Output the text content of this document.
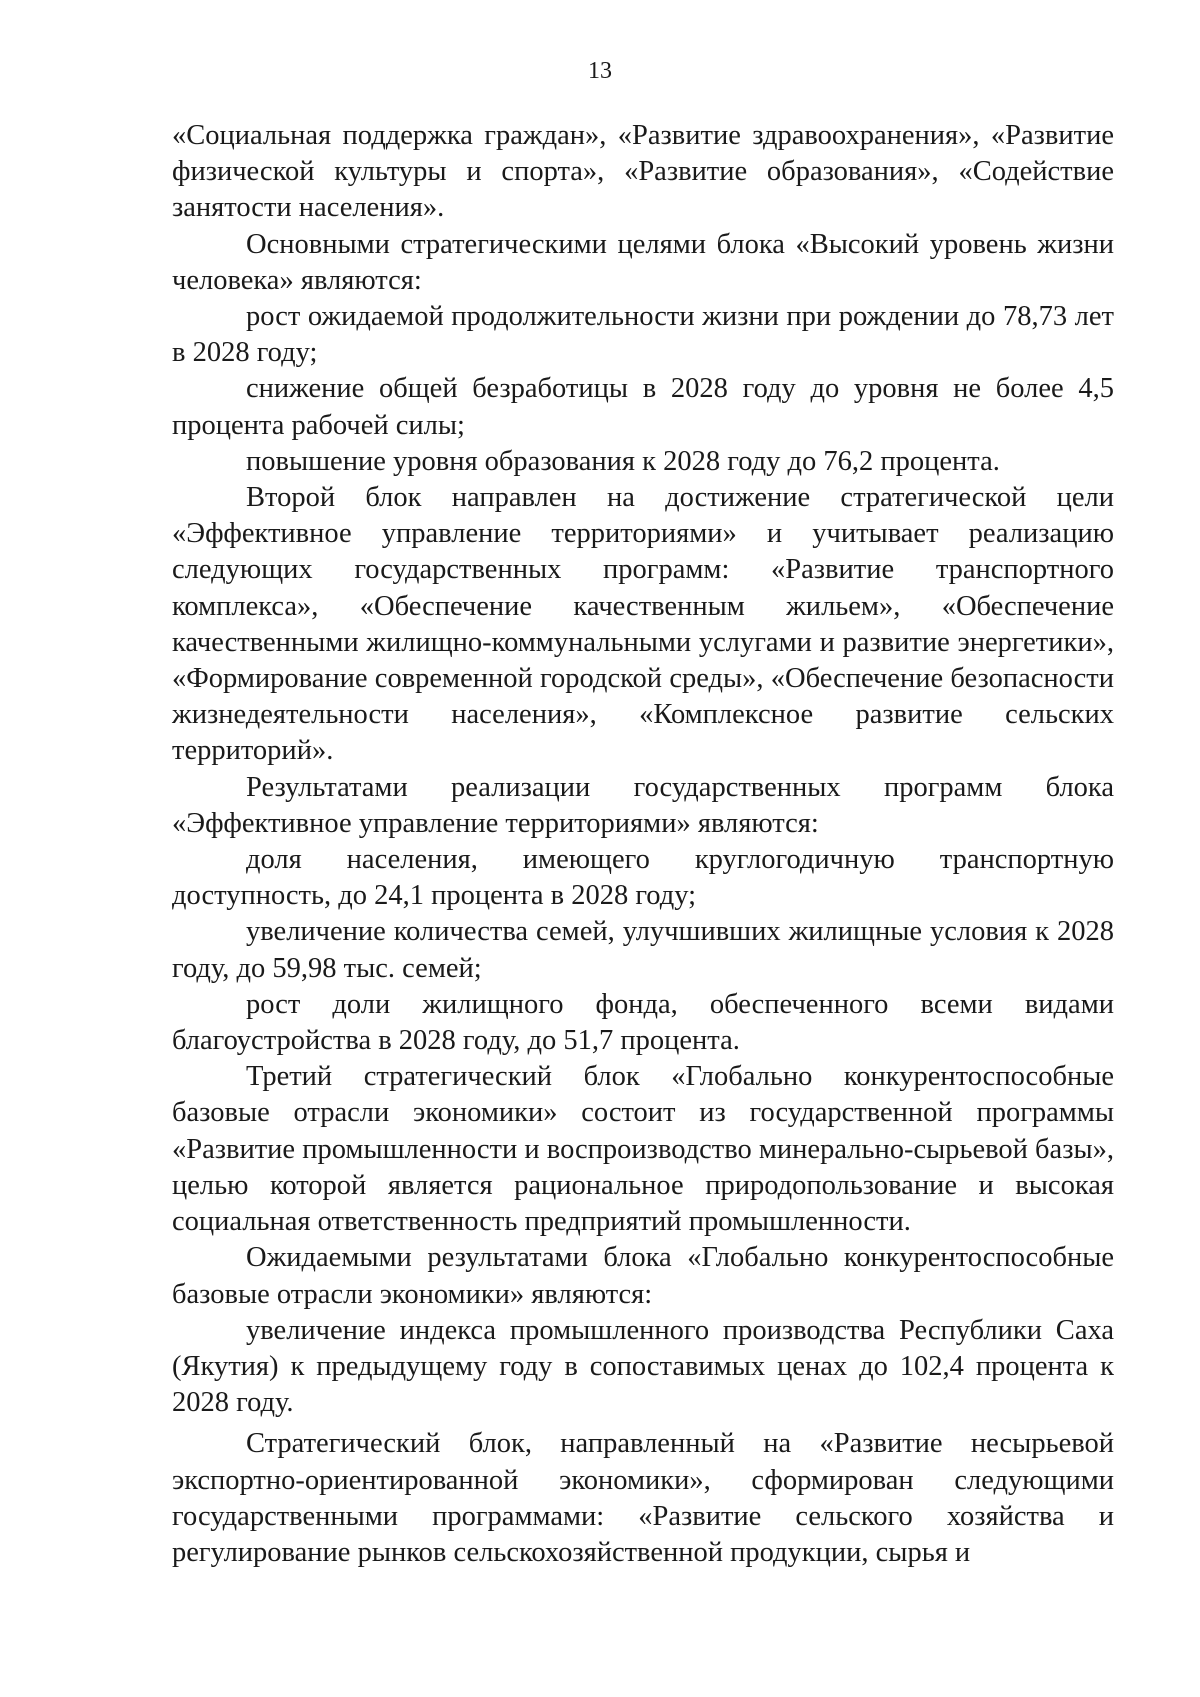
13

«Социальная поддержка граждан», «Развитие здравоохранения», «Развитие физической культуры и спорта», «Развитие образования», «Содействие занятости населения».

Основными стратегическими целями блока «Высокий уровень жизни человека» являются:

рост ожидаемой продолжительности жизни при рождении до 78,73 лет в 2028 году;

снижение общей безработицы в 2028 году до уровня не более 4,5 процента рабочей силы;

повышение уровня образования к 2028 году до 76,2 процента.

Второй блок направлен на достижение стратегической цели «Эффективное управление территориями» и учитывает реализацию следующих государственных программ: «Развитие транспортного комплекса», «Обеспечение качественным жильем», «Обеспечение качественными жилищно-коммунальными услугами и развитие энергетики», «Формирование современной городской среды», «Обеспечение безопасности жизнедеятельности населения», «Комплексное развитие сельских территорий».

Результатами реализации государственных программ блока «Эффективное управление территориями» являются:

доля населения, имеющего круглогодичную транспортную доступность, до 24,1 процента в 2028 году;

увеличение количества семей, улучшивших жилищные условия к 2028 году, до 59,98 тыс. семей;

рост доли жилищного фонда, обеспеченного всеми видами благоустройства в 2028 году, до 51,7 процента.

Третий стратегический блок «Глобально конкурентоспособные базовые отрасли экономики» состоит из государственной программы «Развитие промышленности и воспроизводство минерально-сырьевой базы», целью которой является рациональное природопользование и высокая социальная ответственность предприятий промышленности.

Ожидаемыми результатами блока «Глобально конкурентоспособные базовые отрасли экономики» являются:

увеличение индекса промышленного производства Республики Саха (Якутия) к предыдущему году в сопоставимых ценах до 102,4 процента к 2028 году.

Стратегический блок, направленный на «Развитие несырьевой экспортно-ориентированной экономики», сформирован следующими государственными программами: «Развитие сельского хозяйства и регулирование рынков сельскохозяйственной продукции, сырья и
